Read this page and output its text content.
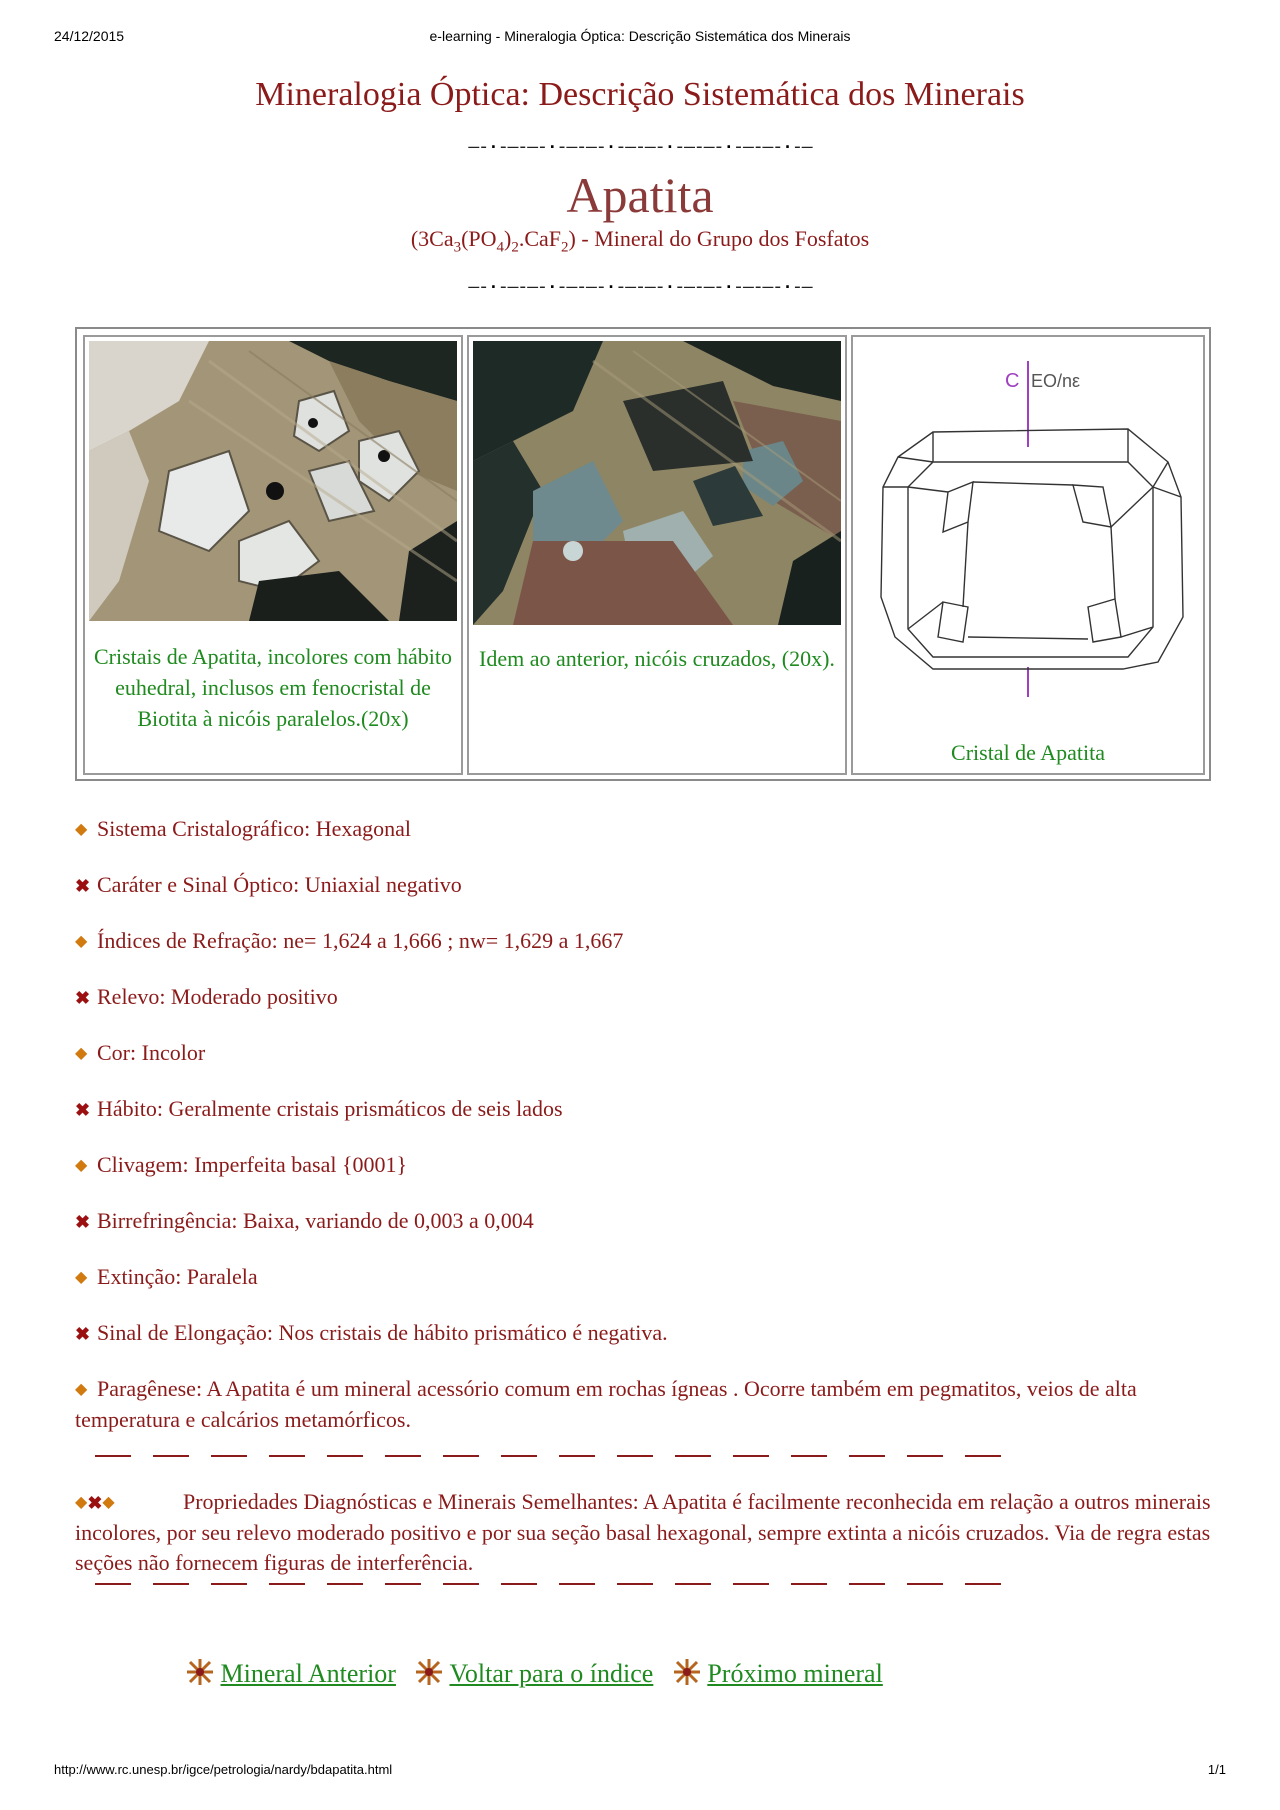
24/12/2015	e-learning - Mineralogia Óptica: Descrição Sistemática dos Minerais
Mineralogia Óptica: Descrição Sistemática dos Minerais
—-·-—-—-·-—-—-·-—-—-·-—-—-·-—-—-·-—
Apatita
$(3Ca_3(PO_4)_2.CaF_2)$ - Mineral do Grupo dos Fosfatos
—-·-—-—-·-—-—-·-—-—-·-—-—-·-—-—-·-—
Cristais de Apatita, incolores com hábito euhedral, inclusos em fenocristal de Biotita à nicóis paralelos.(20x)
Idem ao anterior, nicóis cruzados, (20x).
C EO/nε
Cristal de Apatita
◆ Sistema Cristalográfico: Hexagonal
✖ Caráter e Sinal Óptico: Uniaxial negativo
◆ Índices de Refração: ne= 1,624 a 1,666 ; nw= 1,629 a 1,667
✖ Relevo: Moderado positivo
◆ Cor: Incolor
✖ Hábito: Geralmente cristais prismáticos de seis lados
◆ Clivagem: Imperfeita basal {0001}
✖ Birrefringência: Baixa, variando de 0,003 a 0,004
◆ Extinção: Paralela
✖ Sinal de Elongação: Nos cristais de hábito prismático é negativa.
◆ Paragênese: A Apatita é um mineral acessório comum em rochas ígneas . Ocorre também em pegmatitos, veios de alta temperatura e calcários metamórficos.
◆✖◆	Propriedades Diagnósticas e Minerais Semelhantes: A Apatita é facilmente reconhecida em relação a outros minerais incolores, por seu relevo moderado positivo e por sua seção basal hexagonal, sempre extinta a nicóis cruzados. Via de regra estas seções não fornecem figuras de interferência.
Mineral Anterior Voltar para o índice Próximo mineral
http://www.rc.unesp.br/igce/petrologia/nardy/bdapatita.html	1/1
